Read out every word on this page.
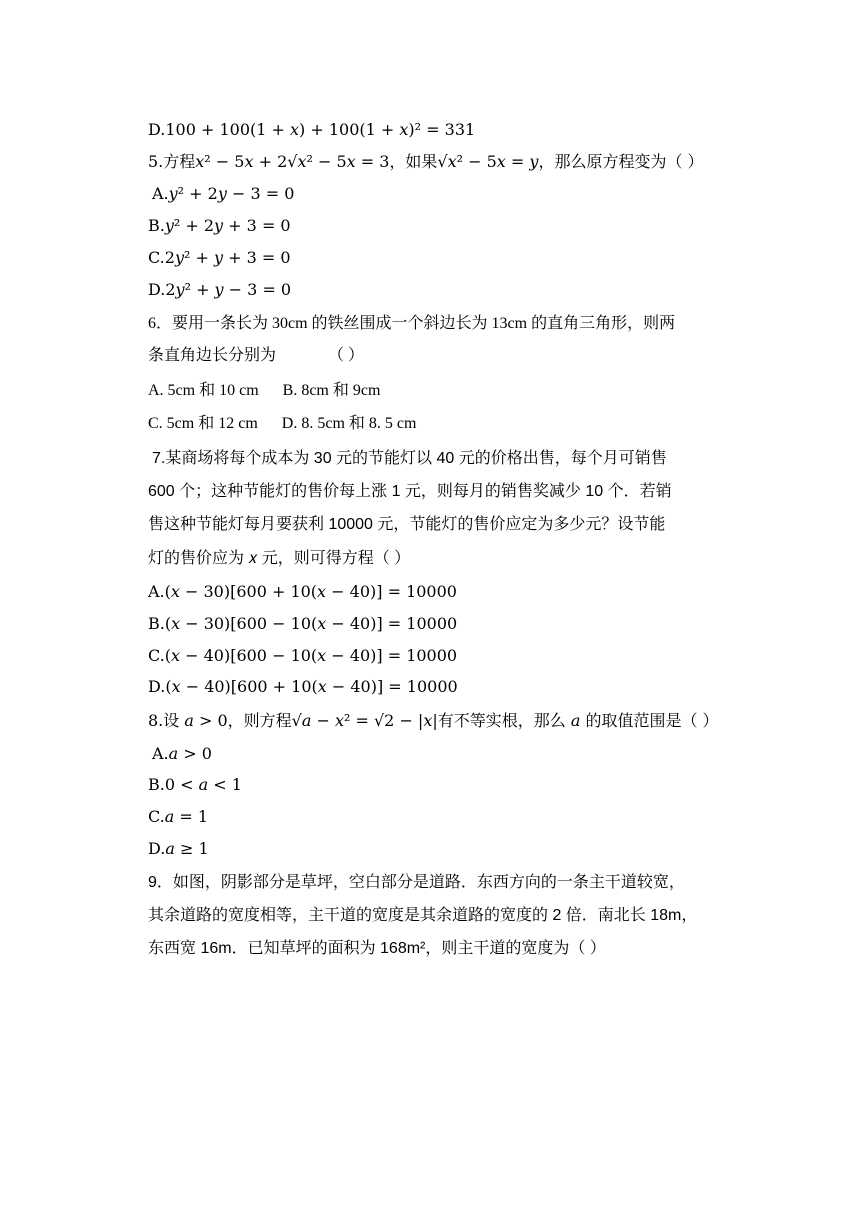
D.100 + 100(1 + 𝑥) + 100(1 + 𝑥)² = 331
5.方程𝑥² − 5𝑥 + 2√𝑥² − 5𝑥 = 3，如果√𝑥² − 5𝑥 = 𝑦，那么原方程变为（ ）
A.𝑦² + 2𝑦 − 3 = 0
B.𝑦² + 2𝑦 + 3 = 0
C.2𝑦² + 𝑦 + 3 = 0
D.2𝑦² + 𝑦 − 3 = 0
6．要用一条长为 30cm 的铁丝围成一个斜边长为 13cm 的直角三角形，则两
条直角边长分别为	（ ）
A. 5cm 和 10 cm B. 8cm 和 9cm
C. 5cm 和 12 cm D. 8. 5cm 和 8. 5 cm
7.某商场将每个成本为 30 元的节能灯以 40 元的价格出售，每个月可销售
600 个；这种节能灯的售价每上涨 1 元，则每月的销售奖减少 10 个．若销
售这种节能灯每月要获利 10000 元，节能灯的售价应定为多少元？设节能
灯的售价应为 𝑥 元，则可得方程（ ）
A.(𝑥 − 30)[600 + 10(𝑥 − 40)] = 10000
B.(𝑥 − 30)[600 − 10(𝑥 − 40)] = 10000
C.(𝑥 − 40)[600 − 10(𝑥 − 40)] = 10000
D.(𝑥 − 40)[600 + 10(𝑥 − 40)] = 10000
8.设 𝑎 > 0，则方程√𝑎 − 𝑥² = √2 − |𝑥|有不等实根，那么 𝑎 的取值范围是（ ）
A.𝑎 > 0
B.0 < 𝑎 < 1
C.𝑎 = 1
D.𝑎 ≥ 1
9．如图，阴影部分是草坪，空白部分是道路．东西方向的一条主干道较宽，
其余道路的宽度相等，主干道的宽度是其余道路的宽度的 2 倍．南北长 18m，
东西宽 16m．已知草坪的面积为 168m²，则主干道的宽度为（ ）
